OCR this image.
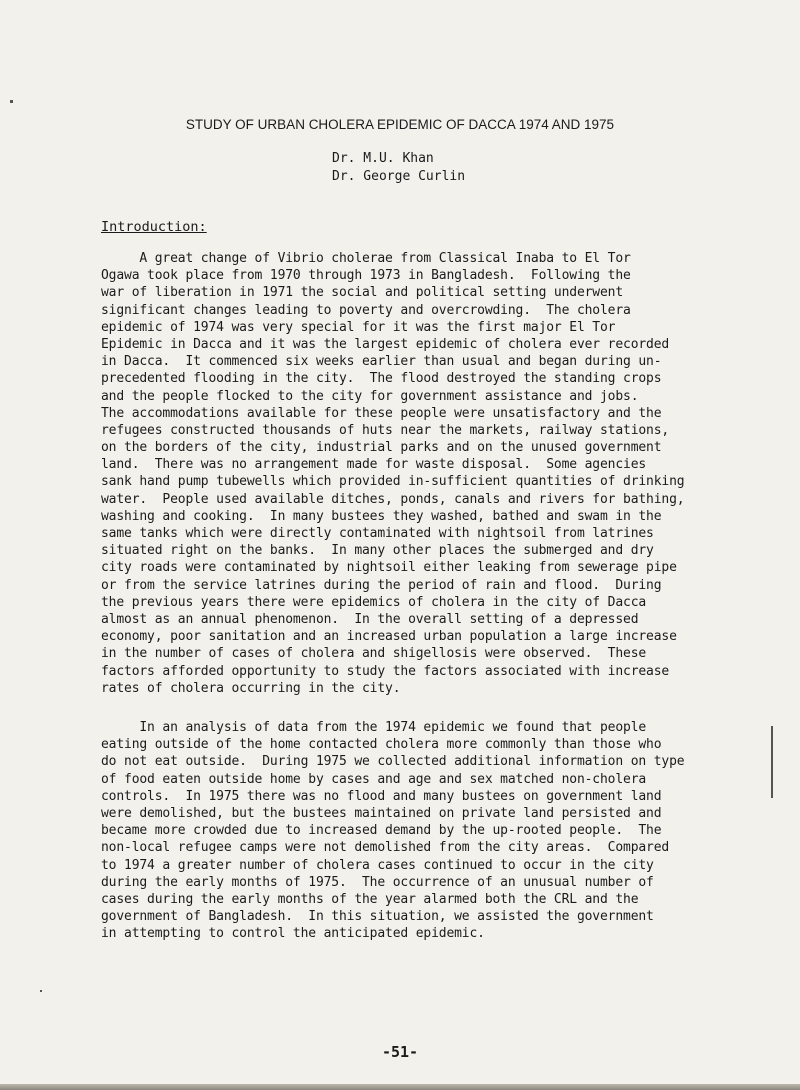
STUDY OF URBAN CHOLERA EPIDEMIC OF DACCA 1974 AND 1975
Dr. M.U. Khan
Dr. George Curlin
Introduction:
A great change of Vibrio cholerae from Classical Inaba to El Tor
Ogawa took place from 1970 through 1973 in Bangladesh.  Following the
war of liberation in 1971 the social and political setting underwent
significant changes leading to poverty and overcrowding.  The cholera
epidemic of 1974 was very special for it was the first major El Tor
Epidemic in Dacca and it was the largest epidemic of cholera ever recorded
in Dacca.  It commenced six weeks earlier than usual and began during un-
precedented flooding in the city.  The flood destroyed the standing crops
and the people flocked to the city for government assistance and jobs.
The accommodations available for these people were unsatisfactory and the
refugees constructed thousands of huts near the markets, railway stations,
on the borders of the city, industrial parks and on the unused government
land.  There was no arrangement made for waste disposal.  Some agencies
sank hand pump tubewells which provided in-sufficient quantities of drinking
water.  People used available ditches, ponds, canals and rivers for bathing,
washing and cooking.  In many bustees they washed, bathed and swam in the
same tanks which were directly contaminated with nightsoil from latrines
situated right on the banks.  In many other places the submerged and dry
city roads were contaminated by nightsoil either leaking from sewerage pipe
or from the service latrines during the period of rain and flood.  During
the previous years there were epidemics of cholera in the city of Dacca
almost as an annual phenomenon.  In the overall setting of a depressed
economy, poor sanitation and an increased urban population a large increase
in the number of cases of cholera and shigellosis were observed.  These
factors afforded opportunity to study the factors associated with increase
rates of cholera occurring in the city.
In an analysis of data from the 1974 epidemic we found that people
eating outside of the home contacted cholera more commonly than those who
do not eat outside.  During 1975 we collected additional information on type
of food eaten outside home by cases and age and sex matched non-cholera
controls.  In 1975 there was no flood and many bustees on government land
were demolished, but the bustees maintained on private land persisted and
became more crowded due to increased demand by the up-rooted people.  The
non-local refugee camps were not demolished from the city areas.  Compared
to 1974 a greater number of cholera cases continued to occur in the city
during the early months of 1975.  The occurrence of an unusual number of
cases during the early months of the year alarmed both the CRL and the
government of Bangladesh.  In this situation, we assisted the government
in attempting to control the anticipated epidemic.
-51-
